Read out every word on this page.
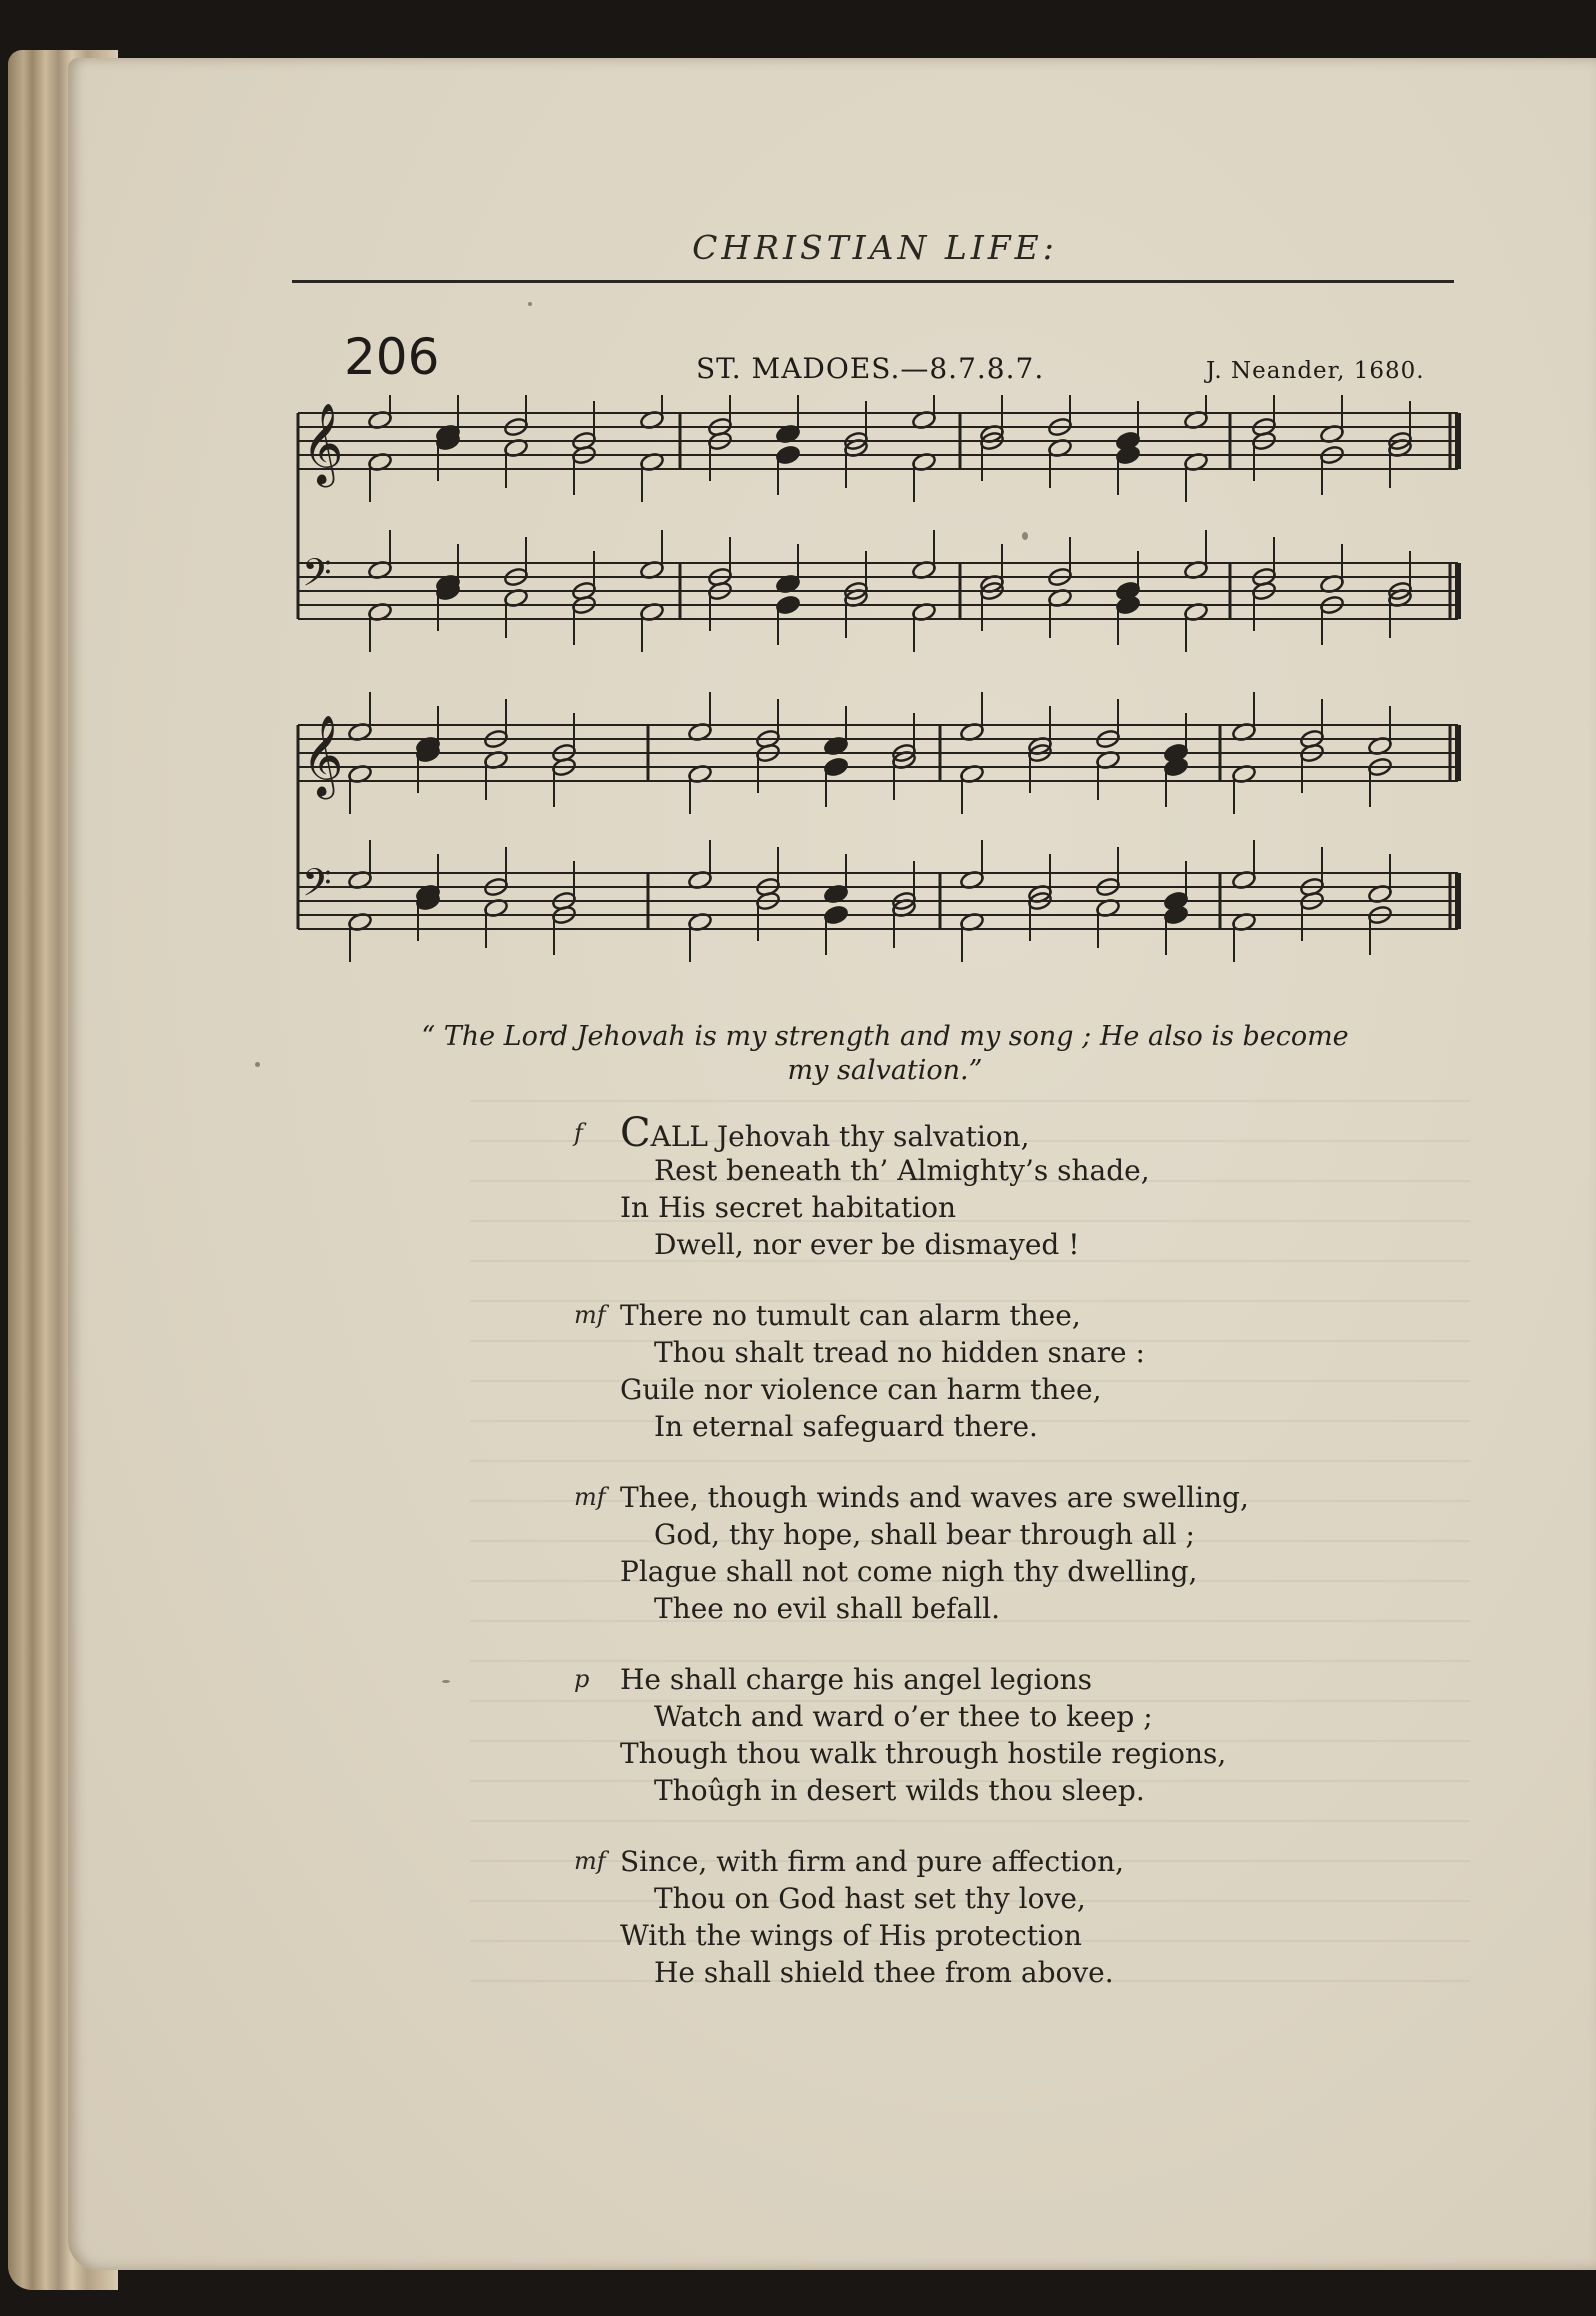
CHRISTIAN LIFE:
206	ST. MADOES.—8.7.8.7.	J. Neander, 1680.
𝄞
𝄢
𝄞
𝄢
“ The Lord Jehovah is my strength and my song ; He also is become
my salvation.”
f CALL Jehovah thy salvation,
Rest beneath th’ Almighty’s shade,
In His secret habitation
Dwell, nor ever be dismayed !
mf There no tumult can alarm thee,
Thou shalt tread no hidden snare :
Guile nor violence can harm thee,
In eternal safeguard there.
mf Thee, though winds and waves are swelling,
God, thy hope, shall bear through all ;
Plague shall not come nigh thy dwelling,
Thee no evil shall befall.
p	He shall charge his angel legions
Watch and ward o’er thee to keep ;
Though thou walk through hostile regions,
Thoûgh in desert wilds thou sleep.
mf Since, with firm and pure affection,
Thou on God hast set thy love,
With the wings of His protection
He shall shield thee from above.
